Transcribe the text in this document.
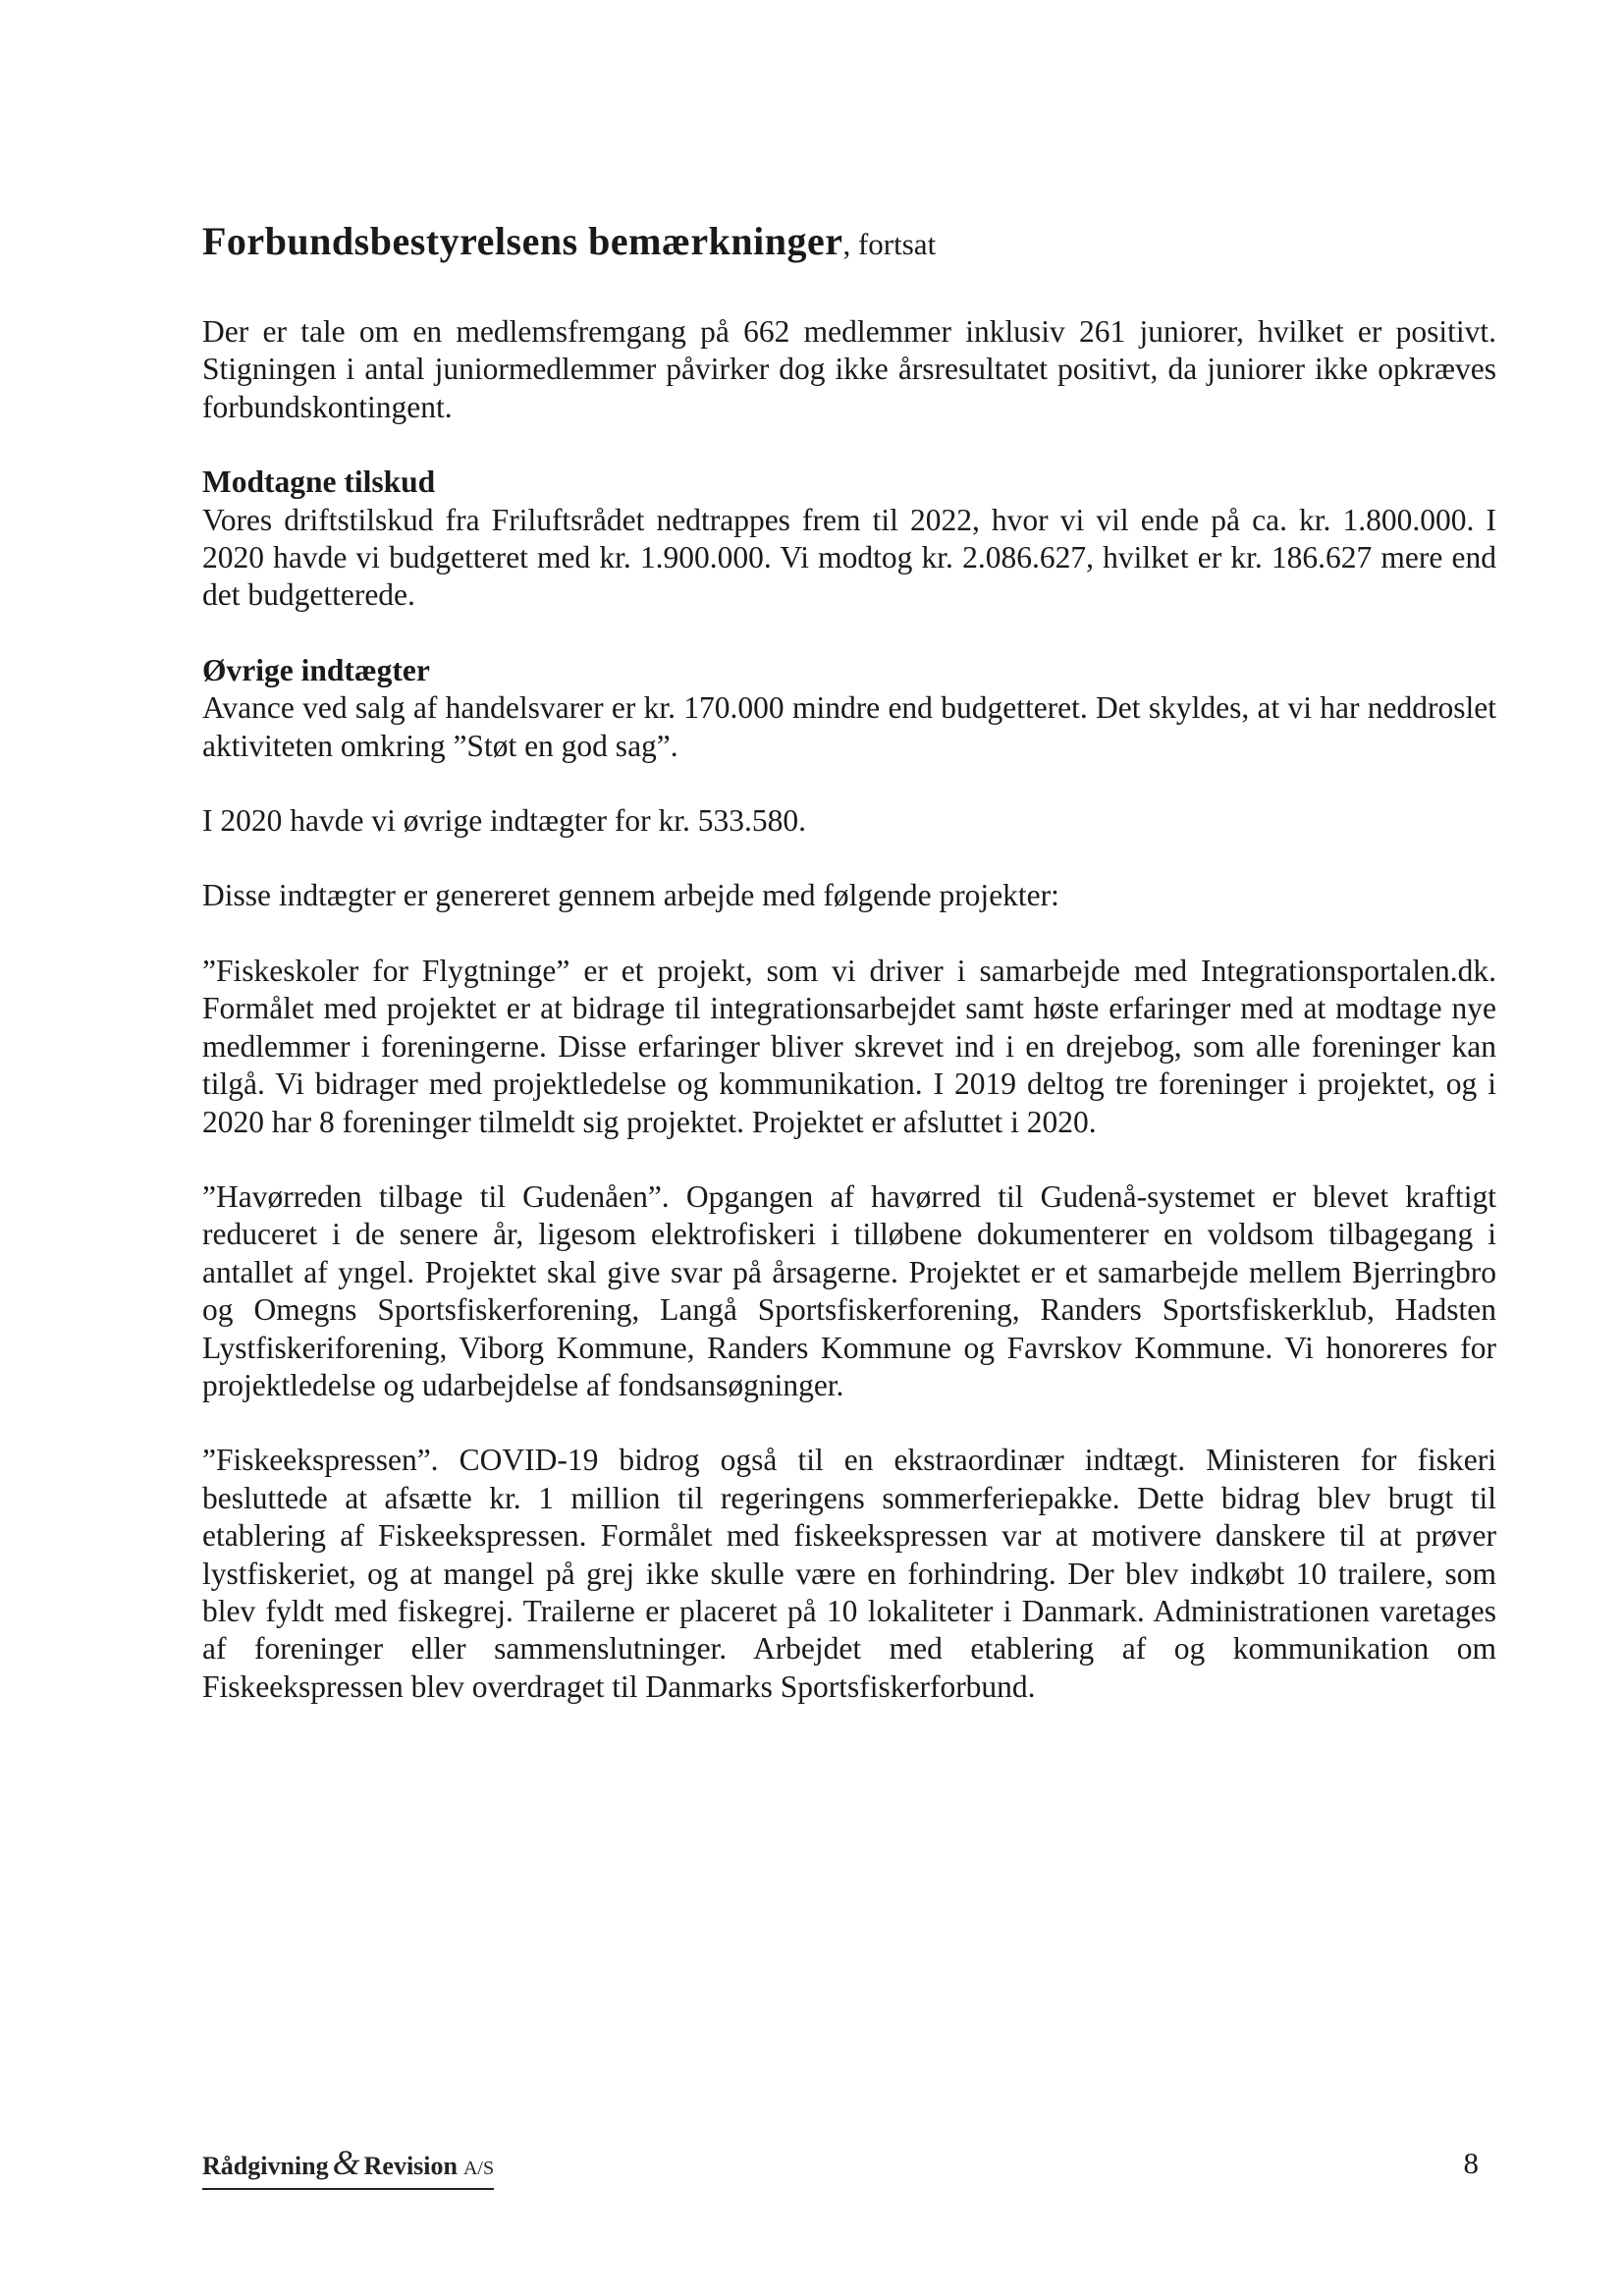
Forbundsbestyrelsens bemærkninger, fortsat

Der er tale om en medlemsfremgang på 662 medlemmer inklusiv 261 juniorer, hvilket er positivt. Stigningen i antal juniormedlemmer påvirker dog ikke årsresultatet positivt, da juniorer ikke opkræves forbundskontingent.

Modtagne tilskud

Vores driftstilskud fra Friluftsrådet nedtrappes frem til 2022, hvor vi vil ende på ca. kr. 1.800.000. I 2020 havde vi budgetteret med kr. 1.900.000. Vi modtog kr. 2.086.627, hvilket er kr. 186.627 mere end det budgetterede.

Øvrige indtægter

Avance ved salg af handelsvarer er kr. 170.000 mindre end budgetteret. Det skyldes, at vi har neddroslet aktiviteten omkring ”Støt en god sag”.

I 2020 havde vi øvrige indtægter for kr. 533.580.

Disse indtægter er genereret gennem arbejde med følgende projekter:

”Fiskeskoler for Flygtninge” er et projekt, som vi driver i samarbejde med Integrationsportalen.dk. Formålet med projektet er at bidrage til integrationsarbejdet samt høste erfaringer med at modtage nye medlemmer i foreningerne. Disse erfaringer bliver skrevet ind i en drejebog, som alle foreninger kan tilgå. Vi bidrager med projektledelse og kommunikation. I 2019 deltog tre foreninger i projektet, og i 2020 har 8 foreninger tilmeldt sig projektet. Projektet er afsluttet i 2020.

”Havørreden tilbage til Gudenåen”. Opgangen af havørred til Gudenå-systemet er blevet kraftigt reduceret i de senere år, ligesom elektrofiskeri i tilløbene dokumenterer en voldsom tilbagegang i antallet af yngel. Projektet skal give svar på årsagerne. Projektet er et samarbejde mellem Bjerringbro og Omegns Sportsfiskerforening, Langå Sportsfiskerforening, Randers Sportsfiskerklub, Hadsten Lystfiskeriforening, Viborg Kommune, Randers Kommune og Favrskov Kommune. Vi honoreres for projektledelse og udarbejdelse af fondsansøgninger.

”Fiskeekspressen”. COVID-19 bidrog også til en ekstraordinær indtægt. Ministeren for fiskeri besluttede at afsætte kr. 1 million til regeringens sommerferiepakke. Dette bidrag blev brugt til etablering af Fiskeekspressen. Formålet med fiskeekspressen var at motivere danskere til at prøver lystfiskeriet, og at mangel på grej ikke skulle være en forhindring. Der blev indkøbt 10 trailere, som blev fyldt med fiskegrej. Trailerne er placeret på 10 lokaliteter i Danmark. Administrationen varetages af foreninger eller sammenslutninger. Arbejdet med etablering af og kommunikation om Fiskeekspressen blev overdraget til Danmarks Sportsfiskerforbund.

Rådgivning & Revision A/S	8
